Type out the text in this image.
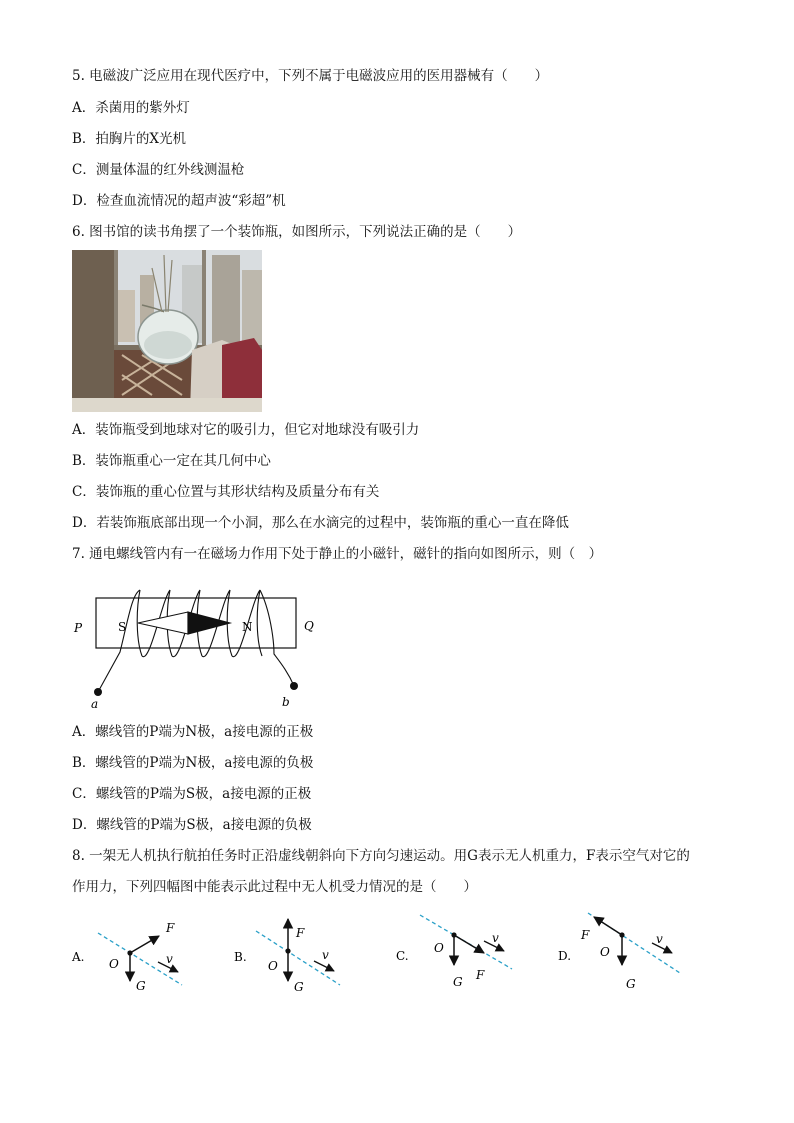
5. 电磁波广泛应用在现代医疗中，下列不属于电磁波应用的医用器械有（　　）
A．杀菌用的紫外灯
B．拍胸片的X光机
C．测量体温的红外线测温枪
D．检查血流情况的超声波“彩超”机
6. 图书馆的读书角摆了一个装饰瓶，如图所示，下列说法正确的是（　　）
A．装饰瓶受到地球对它的吸引力，但它对地球没有吸引力
B．装饰瓶重心一定在其几何中心
C．装饰瓶的重心位置与其形状结构及质量分布有关
D．若装饰瓶底部出现一个小洞，那么在水滴完的过程中，装饰瓶的重心一直在降低
7. 通电螺线管内有一在磁场力作用下处于静止的小磁针，磁针的指向如图所示，则（　）
P	Q
S	N
a	b
A．螺线管的P端为N极，a接电源的正极
B．螺线管的P端为N极，a接电源的负极
C．螺线管的P端为S极，a接电源的正极
D．螺线管的P端为S极，a接电源的负极
8. 一架无人机执行航拍任务时正沿虚线朝斜向下方向匀速运动。用G表示无人机重力，F表示空气对它的
作用力，下列四幅图中能表示此过程中无人机受力情况的是（　　）
A.
F
O
G
v	B.
F
O
G
v	C.
O
G F
v
D.
F
O
G
v
